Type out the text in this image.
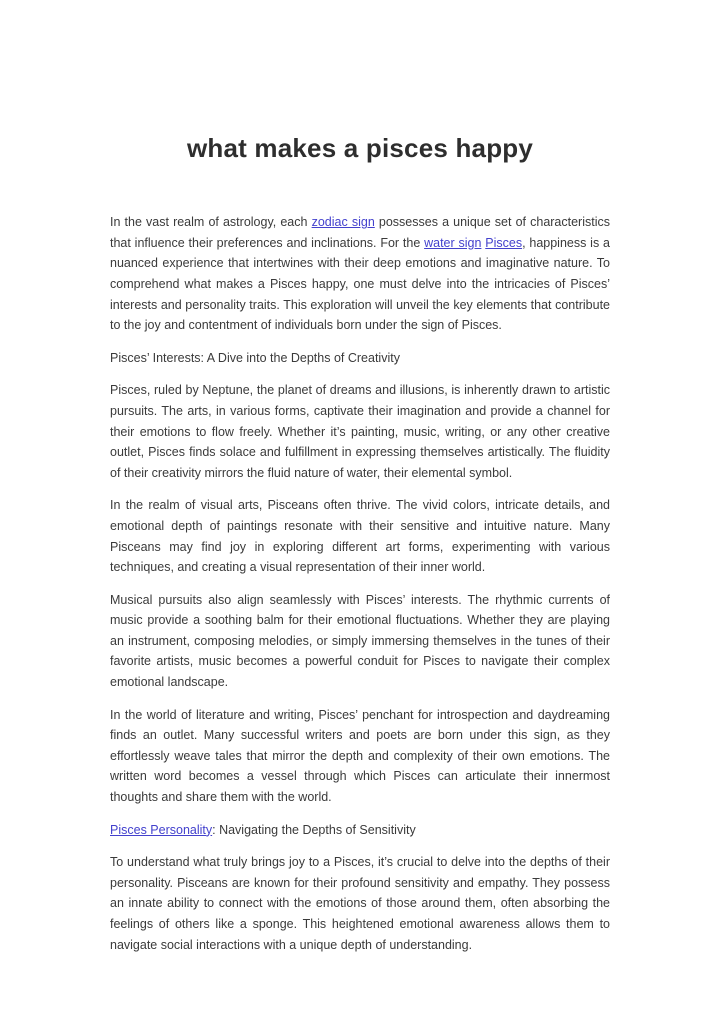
what makes a pisces happy

In the vast realm of astrology, each zodiac sign possesses a unique set of characteristics that influence their preferences and inclinations. For the water sign Pisces, happiness is a nuanced experience that intertwines with their deep emotions and imaginative nature. To comprehend what makes a Pisces happy, one must delve into the intricacies of Pisces’ interests and personality traits. This exploration will unveil the key elements that contribute to the joy and contentment of individuals born under the sign of Pisces.

Pisces’ Interests: A Dive into the Depths of Creativity

Pisces, ruled by Neptune, the planet of dreams and illusions, is inherently drawn to artistic pursuits. The arts, in various forms, captivate their imagination and provide a channel for their emotions to flow freely. Whether it’s painting, music, writing, or any other creative outlet, Pisces finds solace and fulfillment in expressing themselves artistically. The fluidity of their creativity mirrors the fluid nature of water, their elemental symbol.

In the realm of visual arts, Pisceans often thrive. The vivid colors, intricate details, and emotional depth of paintings resonate with their sensitive and intuitive nature. Many Pisceans may find joy in exploring different art forms, experimenting with various techniques, and creating a visual representation of their inner world.

Musical pursuits also align seamlessly with Pisces’ interests. The rhythmic currents of music provide a soothing balm for their emotional fluctuations. Whether they are playing an instrument, composing melodies, or simply immersing themselves in the tunes of their favorite artists, music becomes a powerful conduit for Pisces to navigate their complex emotional landscape.

In the world of literature and writing, Pisces’ penchant for introspection and daydreaming finds an outlet. Many successful writers and poets are born under this sign, as they effortlessly weave tales that mirror the depth and complexity of their own emotions. The written word becomes a vessel through which Pisces can articulate their innermost thoughts and share them with the world.

Pisces Personality: Navigating the Depths of Sensitivity

To understand what truly brings joy to a Pisces, it’s crucial to delve into the depths of their personality. Pisceans are known for their profound sensitivity and empathy. They possess an innate ability to connect with the emotions of those around them, often absorbing the feelings of others like a sponge. This heightened emotional awareness allows them to navigate social interactions with a unique depth of understanding.
